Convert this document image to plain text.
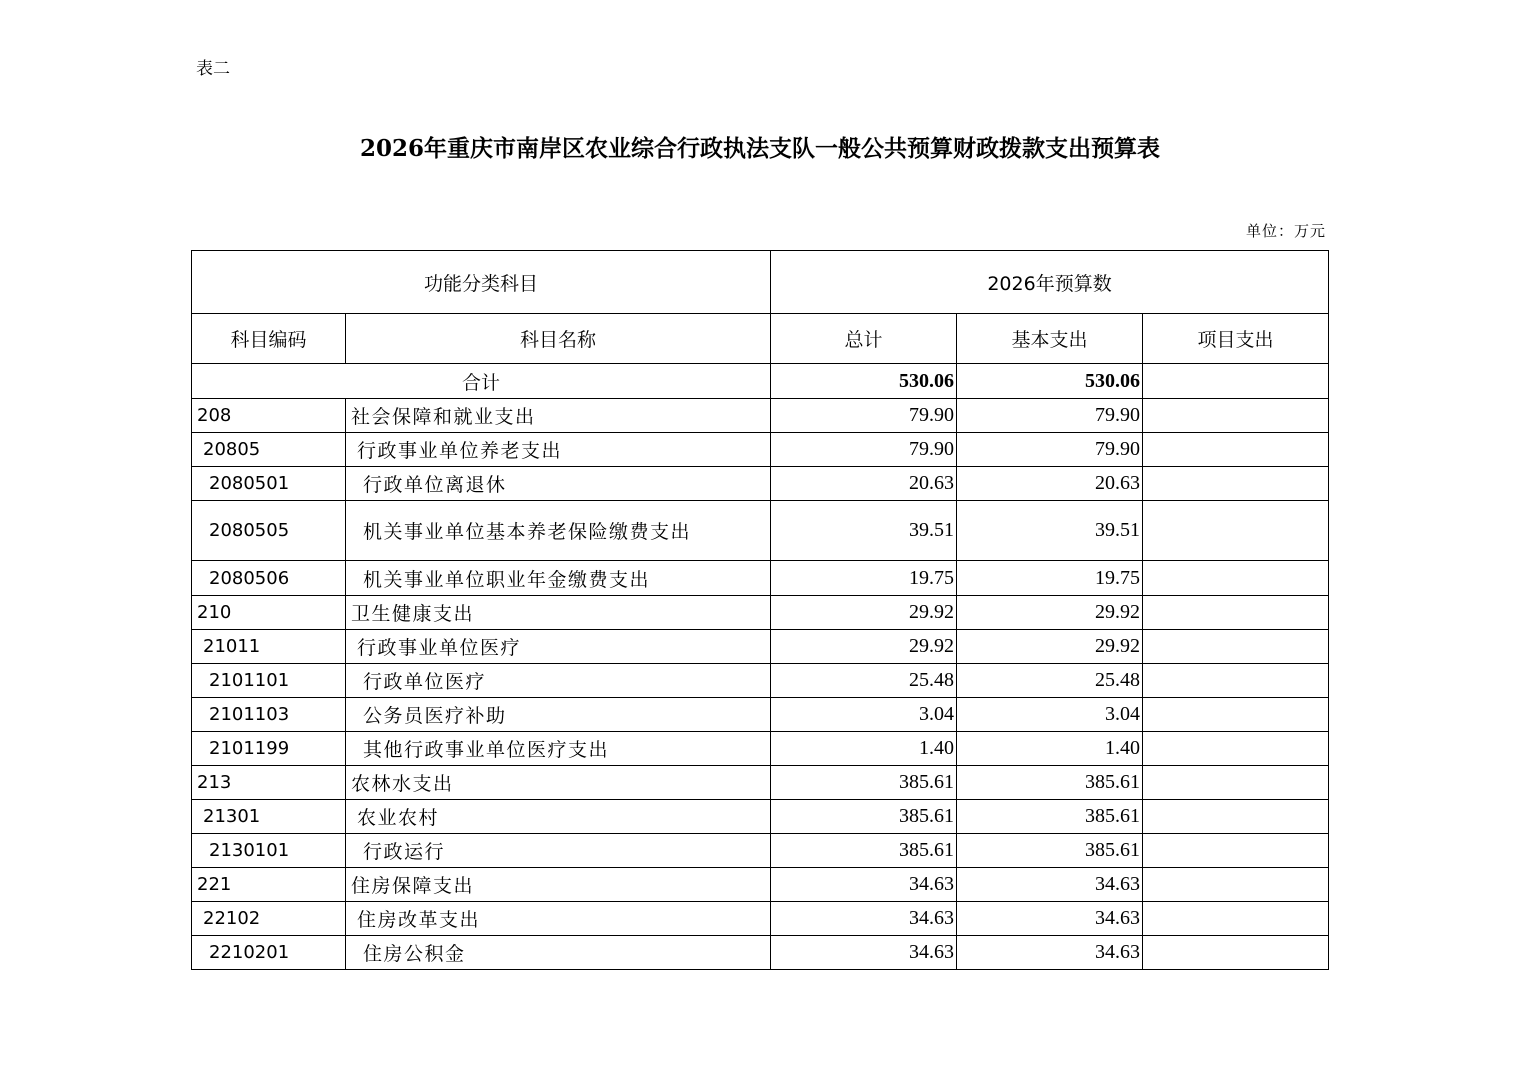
表二
2026年重庆市南岸区农业综合行政执法支队一般公共预算财政拨款支出预算表
单位：万元
功能分类科目		2026年预算数		
科目编码	科目名称	总计	基本支出	项目支出
合计		530.06	530.06	
208	社会保障和就业支出	79.90	79.90	
20805	行政事业单位养老支出	79.90	79.90	
2080501	行政单位离退休	20.63	20.63	
2080505	机关事业单位基本养老保险缴费支出	39.51	39.51	
2080506	机关事业单位职业年金缴费支出	19.75	19.75	
210	卫生健康支出	29.92	29.92	
21011	行政事业单位医疗	29.92	29.92	
2101101	行政单位医疗	25.48	25.48	
2101103	公务员医疗补助	3.04	3.04	
2101199	其他行政事业单位医疗支出	1.40	1.40	
213	农林水支出	385.61	385.61	
21301	农业农村	385.61	385.61	
2130101	行政运行	385.61	385.61	
221	住房保障支出	34.63	34.63	
22102	住房改革支出	34.63	34.63	
2210201	住房公积金	34.63	34.63	
